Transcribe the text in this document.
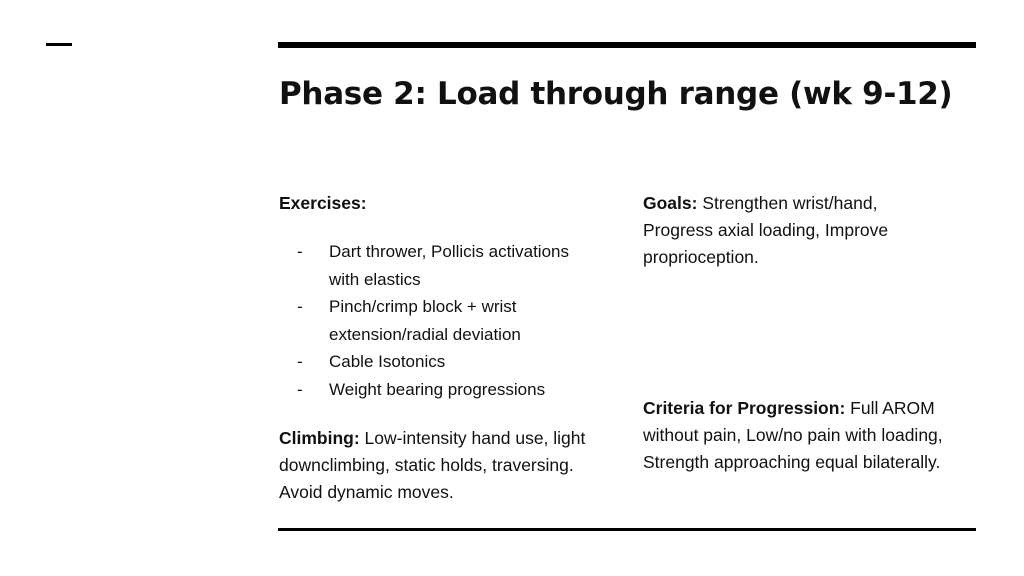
Phase 2: Load through range (wk 9-12)
Exercises:
- Dart thrower, Pollicis activations with elastics
- Pinch/crimp block + wrist extension/radial deviation
- Cable Isotonics
- Weight bearing progressions
Climbing: Low-intensity hand use, light downclimbing, static holds, traversing. Avoid dynamic moves.
Goals: Strengthen wrist/hand, Progress axial loading, Improve proprioception.
Criteria for Progression: Full AROM without pain, Low/no pain with loading, Strength approaching equal bilaterally.
